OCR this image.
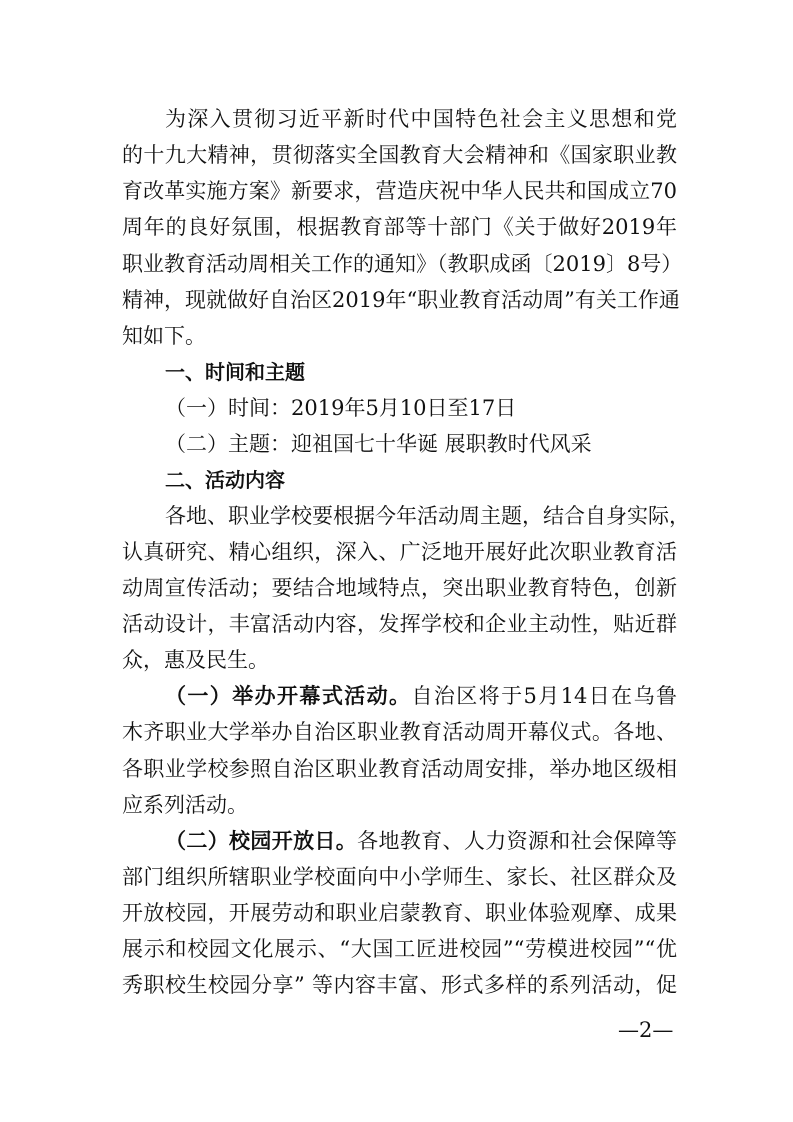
为深入贯彻习近平新时代中国特色社会主义思想和党
的十九大精神，贯彻落实全国教育大会精神和《国家职业教
育改革实施方案》新要求，营造庆祝中华人民共和国成立70
周年的良好氛围，根据教育部等十部门《关于做好2019年
职业教育活动周相关工作的通知》（教职成函〔2019〕8号）
精神，现就做好自治区2019年“职业教育活动周”有关工作通
知如下。
一、时间和主题
（一）时间：2019年5月10日至17日
（二）主题：迎祖国七十华诞 展职教时代风采
二、活动内容
各地、职业学校要根据今年活动周主题，结合自身实际，
认真研究、精心组织，深入、广泛地开展好此次职业教育活
动周宣传活动；要结合地域特点，突出职业教育特色，创新
活动设计，丰富活动内容，发挥学校和企业主动性，贴近群
众，惠及民生。
（一）举办开幕式活动。自治区将于5月14日在乌鲁
木齐职业大学举办自治区职业教育活动周开幕仪式。各地、
各职业学校参照自治区职业教育活动周安排，举办地区级相
应系列活动。
（二）校园开放日。各地教育、人力资源和社会保障等
部门组织所辖职业学校面向中小学师生、家长、社区群众及
开放校园，开展劳动和职业启蒙教育、职业体验观摩、成果
展示和校园文化展示、“大国工匠进校园”“劳模进校园”“优
秀职校生校园分享” 等内容丰富、形式多样的系列活动，促
—2—
